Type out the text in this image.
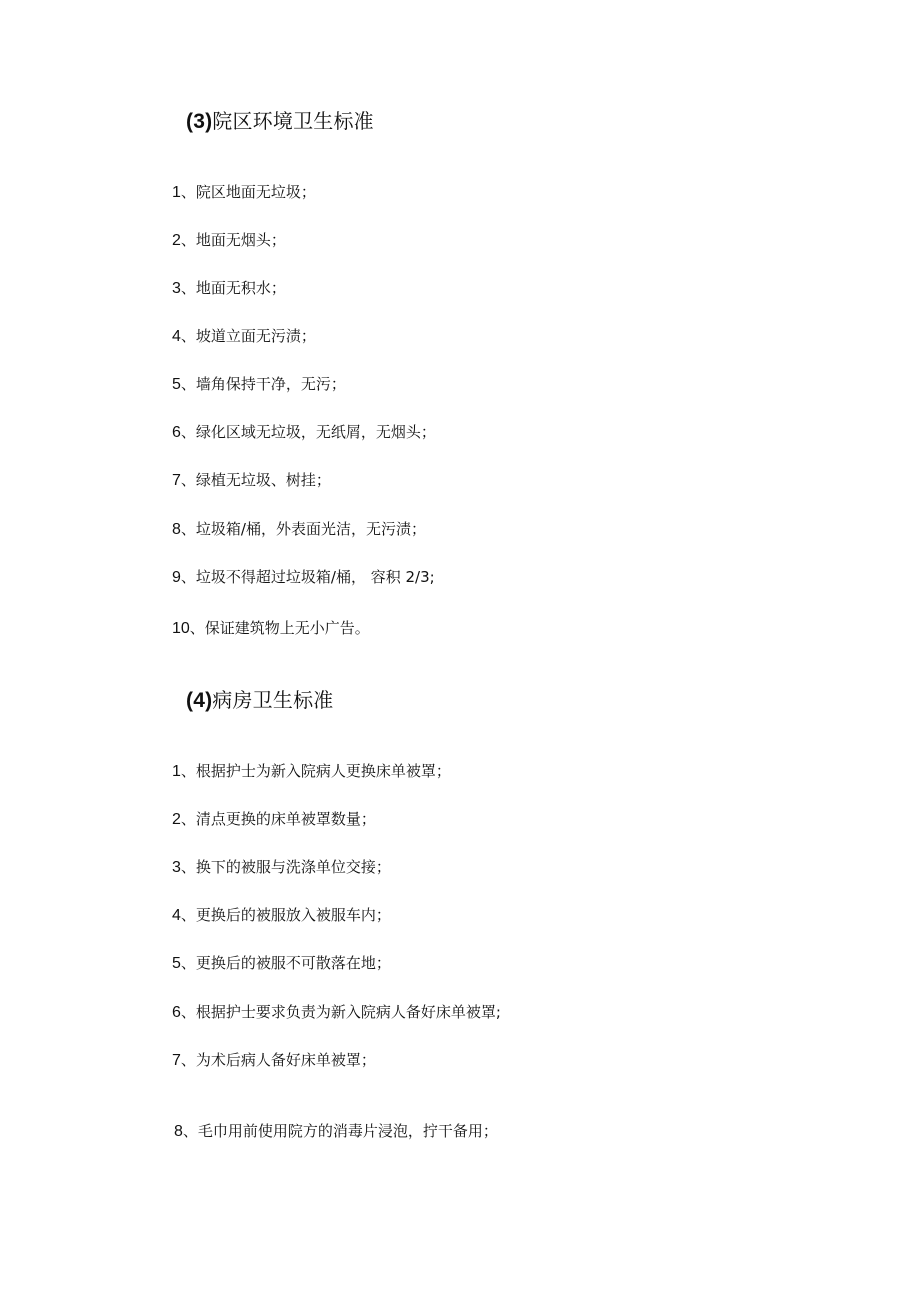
(3)院区环境卫生标准
1、院区地面无垃圾；
2、地面无烟头；
3、地面无积水；
4、坡道立面无污渍；
5、墙角保持干净，无污；
6、绿化区域无垃圾，无纸屑，无烟头；
7、绿植无垃圾、树挂；
8、垃圾箱/桶，外表面光洁，无污渍；
9、垃圾不得超过垃圾箱/桶， 容积 2/3;
10、保证建筑物上无小广告。
(4)病房卫生标准
1、根据护士为新入院病人更换床单被罩；
2、清点更换的床单被罩数量；
3、换下的被服与洗涤单位交接；
4、更换后的被服放入被服车内；
5、更换后的被服不可散落在地；
6、根据护士要求负责为新入院病人备好床单被罩;
7、为术后病人备好床单被罩；
8、毛巾用前使用院方的消毒片浸泡，拧干备用；
